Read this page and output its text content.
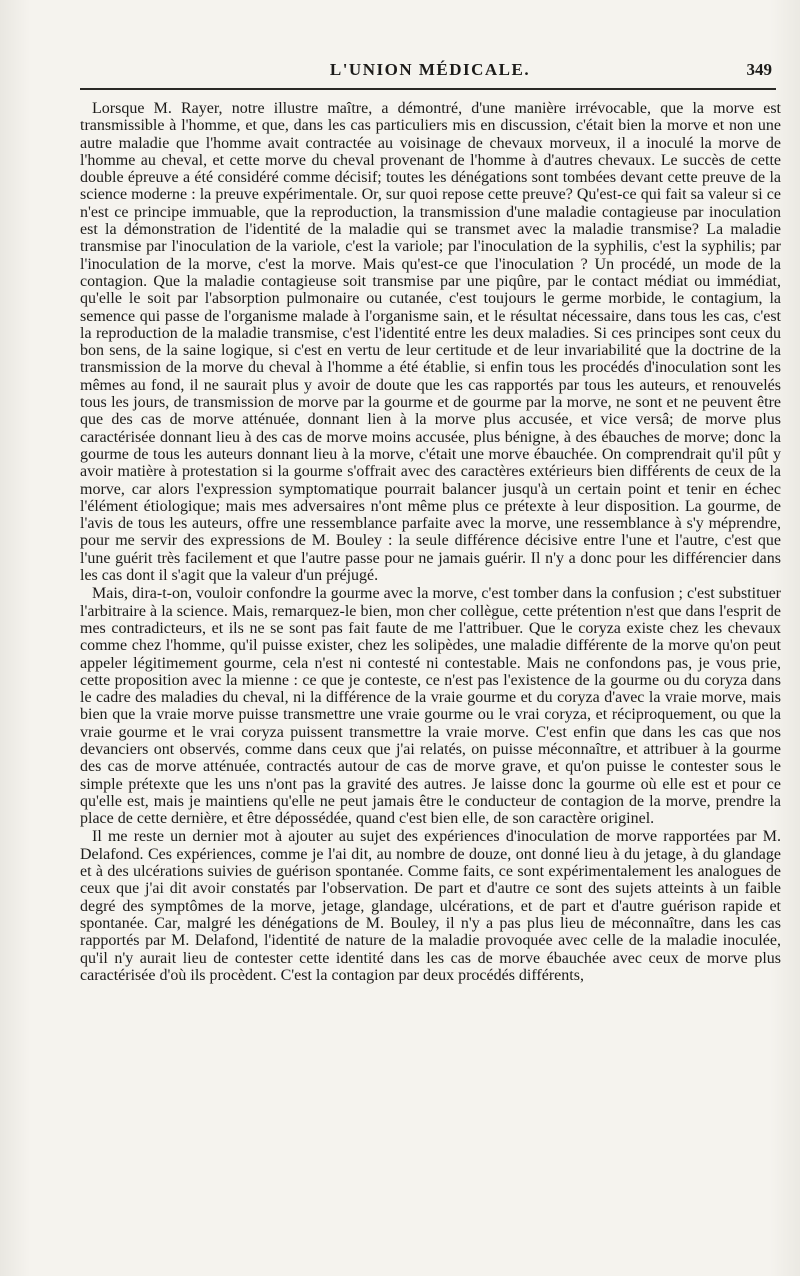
L'UNION MÉDICALE.	349

Lorsque M. Rayer, notre illustre maître, a démontré, d'une manière irrévocable, que la morve est transmissible à l'homme, et que, dans les cas particuliers mis en discussion, c'était bien la morve et non une autre maladie que l'homme avait contractée au voisinage de chevaux morveux, il a inoculé la morve de l'homme au cheval, et cette morve du cheval provenant de l'homme à d'autres chevaux. Le succès de cette double épreuve a été considéré comme décisif; toutes les dénégations sont tombées devant cette preuve de la science moderne : la preuve expérimentale. Or, sur quoi repose cette preuve? Qu'est-ce qui fait sa valeur si ce n'est ce principe immuable, que la reproduction, la transmission d'une maladie contagieuse par inoculation est la démonstration de l'identité de la maladie qui se transmet avec la maladie transmise? La maladie transmise par l'inoculation de la variole, c'est la variole; par l'inoculation de la syphilis, c'est la syphilis; par l'inoculation de la morve, c'est la morve. Mais qu'est-ce que l'inoculation ? Un procédé, un mode de la contagion. Que la maladie contagieuse soit transmise par une piqûre, par le contact médiat ou immédiat, qu'elle le soit par l'absorption pulmonaire ou cutanée, c'est toujours le germe morbide, le contagium, la semence qui passe de l'organisme malade à l'organisme sain, et le résultat nécessaire, dans tous les cas, c'est la reproduction de la maladie transmise, c'est l'identité entre les deux maladies. Si ces principes sont ceux du bon sens, de la saine logique, si c'est en vertu de leur certitude et de leur invariabilité que la doctrine de la transmission de la morve du cheval à l'homme a été établie, si enfin tous les procédés d'inoculation sont les mêmes au fond, il ne saurait plus y avoir de doute que les cas rapportés par tous les auteurs, et renouvelés tous les jours, de transmission de morve par la gourme et de gourme par la morve, ne sont et ne peuvent être que des cas de morve atténuée, donnant lien à la morve plus accusée, et vice versâ; de morve plus caractérisée donnant lieu à des cas de morve moins accusée, plus bénigne, à des ébauches de morve; donc la gourme de tous les auteurs donnant lieu à la morve, c'était une morve ébauchée. On comprendrait qu'il pût y avoir matière à protestation si la gourme s'offrait avec des caractères extérieurs bien différents de ceux de la morve, car alors l'expression symptomatique pourrait balancer jusqu'à un certain point et tenir en échec l'élément étiologique; mais mes adversaires n'ont même plus ce prétexte à leur disposition. La gourme, de l'avis de tous les auteurs, offre une ressemblance parfaite avec la morve, une ressemblance à s'y méprendre, pour me servir des expressions de M. Bouley : la seule différence décisive entre l'une et l'autre, c'est que l'une guérit très facilement et que l'autre passe pour ne jamais guérir. Il n'y a donc pour les différencier dans les cas dont il s'agit que la valeur d'un préjugé.

Mais, dira-t-on, vouloir confondre la gourme avec la morve, c'est tomber dans la confusion ; c'est substituer l'arbitraire à la science. Mais, remarquez-le bien, mon cher collègue, cette prétention n'est que dans l'esprit de mes contradicteurs, et ils ne se sont pas fait faute de me l'attribuer. Que le coryza existe chez les chevaux comme chez l'homme, qu'il puisse exister, chez les solipèdes, une maladie différente de la morve qu'on peut appeler légitimement gourme, cela n'est ni contesté ni contestable. Mais ne confondons pas, je vous prie, cette proposition avec la mienne : ce que je conteste, ce n'est pas l'existence de la gourme ou du coryza dans le cadre des maladies du cheval, ni la différence de la vraie gourme et du coryza d'avec la vraie morve, mais bien que la vraie morve puisse transmettre une vraie gourme ou le vrai coryza, et réciproquement, ou que la vraie gourme et le vrai coryza puissent transmettre la vraie morve. C'est enfin que dans les cas que nos devanciers ont observés, comme dans ceux que j'ai relatés, on puisse méconnaître, et attribuer à la gourme des cas de morve atténuée, contractés autour de cas de morve grave, et qu'on puisse le contester sous le simple prétexte que les uns n'ont pas la gravité des autres. Je laisse donc la gourme où elle est et pour ce qu'elle est, mais je maintiens qu'elle ne peut jamais être le conducteur de contagion de la morve, prendre la place de cette dernière, et être dépossédée, quand c'est bien elle, de son caractère originel.

Il me reste un dernier mot à ajouter au sujet des expériences d'inoculation de morve rapportées par M. Delafond. Ces expériences, comme je l'ai dit, au nombre de douze, ont donné lieu à du jetage, à du glandage et à des ulcérations suivies de guérison spontanée. Comme faits, ce sont expérimentalement les analogues de ceux que j'ai dit avoir constatés par l'observation. De part et d'autre ce sont des sujets atteints à un faible degré des symptômes de la morve, jetage, glandage, ulcérations, et de part et d'autre guérison rapide et spontanée. Car, malgré les dénégations de M. Bouley, il n'y a pas plus lieu de méconnaître, dans les cas rapportés par M. Delafond, l'identité de nature de la maladie provoquée avec celle de la maladie inoculée, qu'il n'y aurait lieu de contester cette identité dans les cas de morve ébauchée avec ceux de morve plus caractérisée d'où ils procèdent. C'est la contagion par deux procédés différents,
